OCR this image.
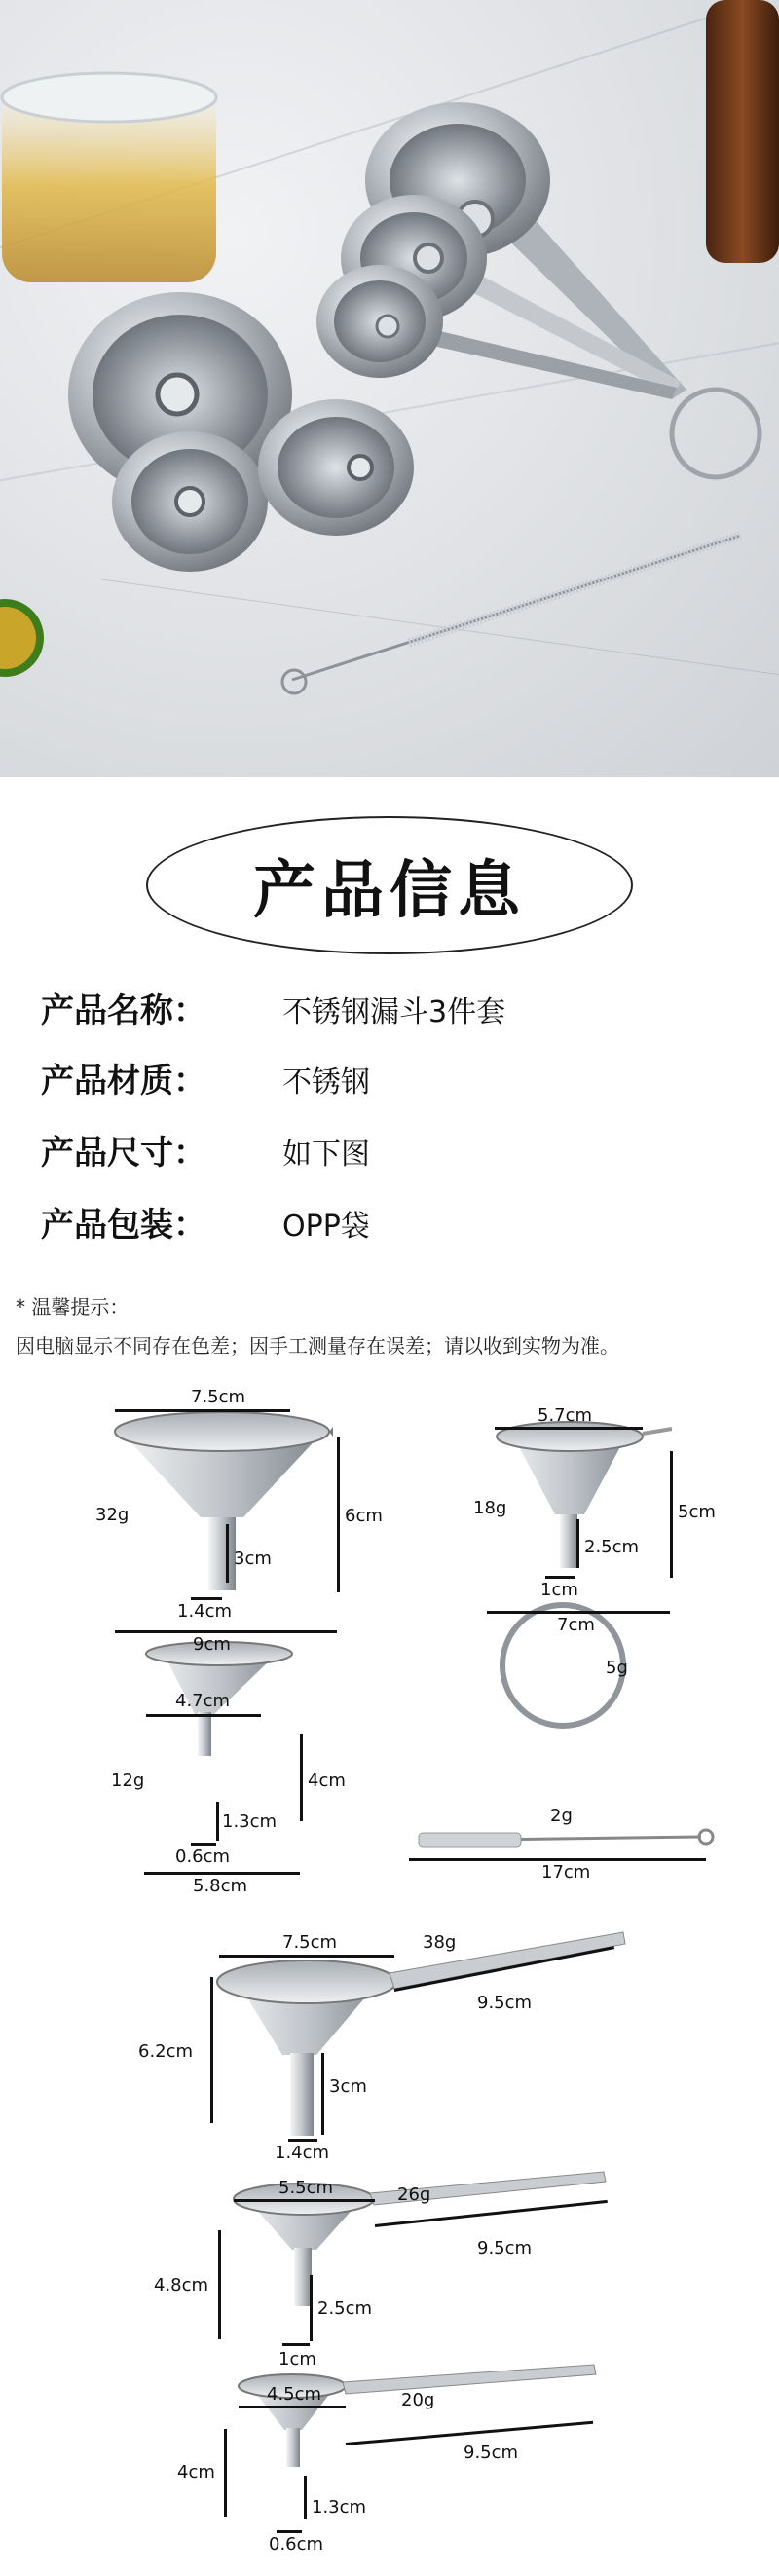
产品信息
产品名称：	不锈钢漏斗3件套
产品材质：	不锈钢
产品尺寸：	如下图
产品包装：	OPP袋
* 温馨提示：
因电脑显示不同存在色差；因手工测量存在误差；请以收到实物为准。
7.5cm
32g	6cm
3cm
1.4cm
9cm
5.7cm
18g	5cm
2.5cm
1cm
7cm
4.7cm
12g	4cm
1.3cm
0.6cm
5.8cm
5g
2g
17cm
7.5cm	38g
9.5cm
6.2cm
3cm
1.4cm
5.5cm	26g
9.5cm
4.8cm
2.5cm
1cm
4.5cm	20g
9.5cm
4cm
1.3cm
0.6cm
